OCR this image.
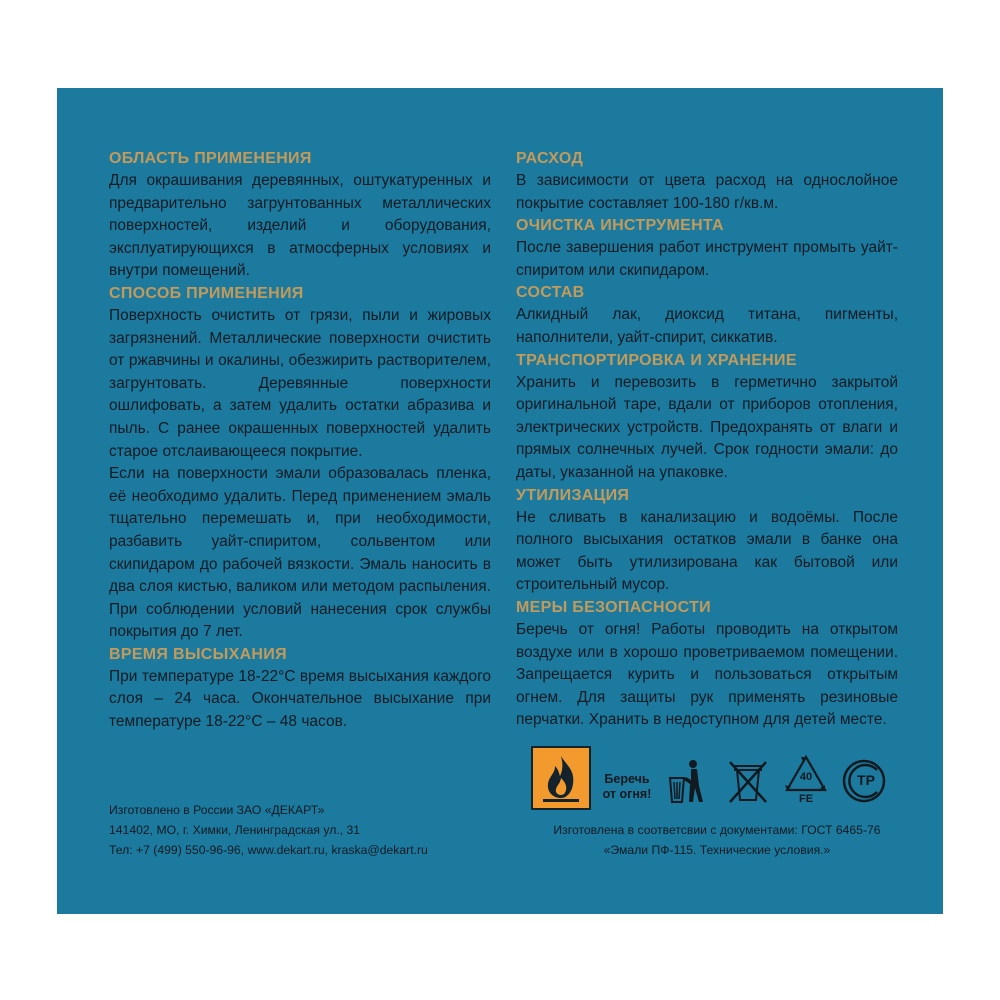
ОБЛАСТЬ ПРИМЕНЕНИЯ

Для окрашивания деревянных, оштукатуренных и предварительно загрунтованных металлических поверхностей, изделий и оборудования, эксплуатирующихся в атмосферных условиях и внутри помещений.

СПОСОБ ПРИМЕНЕНИЯ

Поверхность очистить от грязи, пыли и жировых загрязнений. Металлические поверхности очистить от ржавчины и окалины, обезжирить растворителем, загрунтовать. Деревянные поверхности ошлифовать, а затем удалить остатки абразива и пыль. С ранее окрашенных поверхностей удалить старое отслаивающееся покрытие.

Если на поверхности эмали образовалась пленка, её необходимо удалить. Перед применением эмаль тщательно перемешать и, при необходимости, разбавить уайт-спиритом, сольвентом или скипидаром до рабочей вязкости. Эмаль наносить в два слоя кистью, валиком или методом распыления. При соблюдении условий нанесения срок службы покрытия до 7 лет.

ВРЕМЯ ВЫСЫХАНИЯ

При температуре 18-22°С время высыхания каждого слоя – 24 часа. Окончательное высыхание при температуре 18-22°С – 48 часов.

РАСХОД

В зависимости от цвета расход на однослойное покрытие составляет 100-180 г/кв.м.

ОЧИСТКА ИНСТРУМЕНТА

После завершения работ инструмент промыть уайт-спиритом или скипидаром.

СОСТАВ

Алкидный лак, диоксид титана, пигменты, наполнители, уайт-спирит, сиккатив.

ТРАНСПОРТИРОВКА И ХРАНЕНИЕ

Хранить и перевозить в герметично закрытой оригинальной таре, вдали от приборов отопления, электрических устройств. Предохранять от влаги и прямых солнечных лучей. Срок годности эмали: до даты, указанной на упаковке.

УТИЛИЗАЦИЯ

Не сливать в канализацию и водоёмы. После полного высыхания остатков эмали в банке она может быть утилизирована как бытовой или строительный мусор.

МЕРЫ БЕЗОПАСНОСТИ

Беречь от огня! Работы проводить на открытом воздухе или в хорошо проветриваемом помещении. Запрещается курить и пользоваться открытым огнем. Для защиты рук применять резиновые перчатки. Хранить в недоступном для детей месте.

Изготовлено в России ЗАО «ДЕКАРТ»
141402, МО, г. Химки, Ленинградская ул., 31
Тел: +7 (499) 550-96-96, www.dekart.ru, kraska@dekart.ru
Беречь от огня!
40
FE
ТР
Изготовлена в соответсвии с документами: ГОСТ 6465-76
«Эмали ПФ-115. Технические условия.»
